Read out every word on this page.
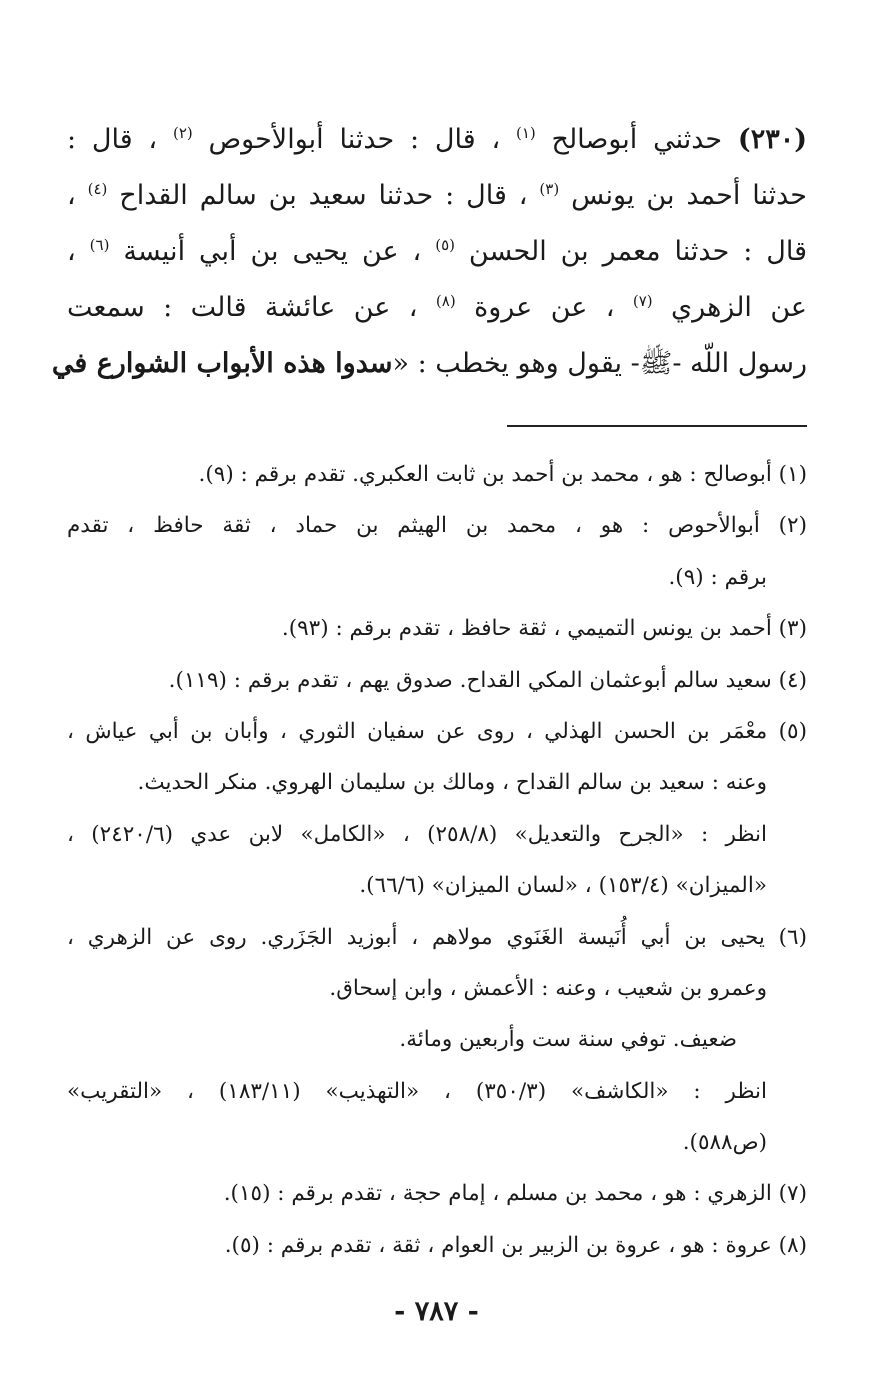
(٢٣٠) حدثني أبوصالح $^{(١)}$ ، قال : حدثنا أبوالأحوص $^{(٢)}$ ، قال :
حدثنا أحمد بن يونس $^{(٣)}$ ، قال : حدثنا سعيد بن سالم القداح $^{(٤)}$ ،
قال : حدثنا معمر بن الحسن $^{(٥)}$ ، عن يحيى بن أبي أنيسة $^{(٦)}$ ،
عن الزهري $^{(٧)}$ ، عن عروة $^{(٨)}$ ، عن عائشة قالت : سمعت
رسول اللّه -ﷺ- يقول وهو يخطب : «سدوا هذه الأبواب الشوارع في
(١) أبوصالح : هو ، محمد بن أحمد بن ثابت العكبري. تقدم برقم : (٩).
(٢) أبوالأحوص : هو ، محمد بن الهيثم بن حماد ، ثقة حافظ ، تقدم
برقم : (٩).
(٣) أحمد بن يونس التميمي ، ثقة حافظ ، تقدم برقم : (٩٣).
(٤) سعيد سالم أبوعثمان المكي القداح. صدوق يهم ، تقدم برقم : (١١٩).
(٥) معْمَر بن الحسن الهذلي ، روى عن سفيان الثوري ، وأبان بن أبي عياش ،
وعنه : سعيد بن سالم القداح ، ومالك بن سليمان الهروي. منكر الحديث.
انظر : «الجرح والتعديل» (٢٥٨/٨) ، «الكامل» لابن عدي (٢٤٢٠/٦) ،
«الميزان» (١٥٣/٤) ، «لسان الميزان» (٦٦/٦).
(٦) يحيى بن أبي أُنَيسة الغَنَوي مولاهم ، أبوزيد الجَزَري. روى عن الزهري ،
وعمرو بن شعيب ، وعنه : الأعمش ، وابن إسحاق.
ضعيف. توفي سنة ست وأربعين ومائة.
انظر : «الكاشف» (٣٥٠/٣) ، «التهذيب» (١٨٣/١١) ، «التقريب»
(ص٥٨٨).
(٧) الزهري : هو ، محمد بن مسلم ، إمام حجة ، تقدم برقم : (١٥).
(٨) عروة : هو ، عروة بن الزبير بن العوام ، ثقة ، تقدم برقم : (٥).
- ٧٨٧ -
